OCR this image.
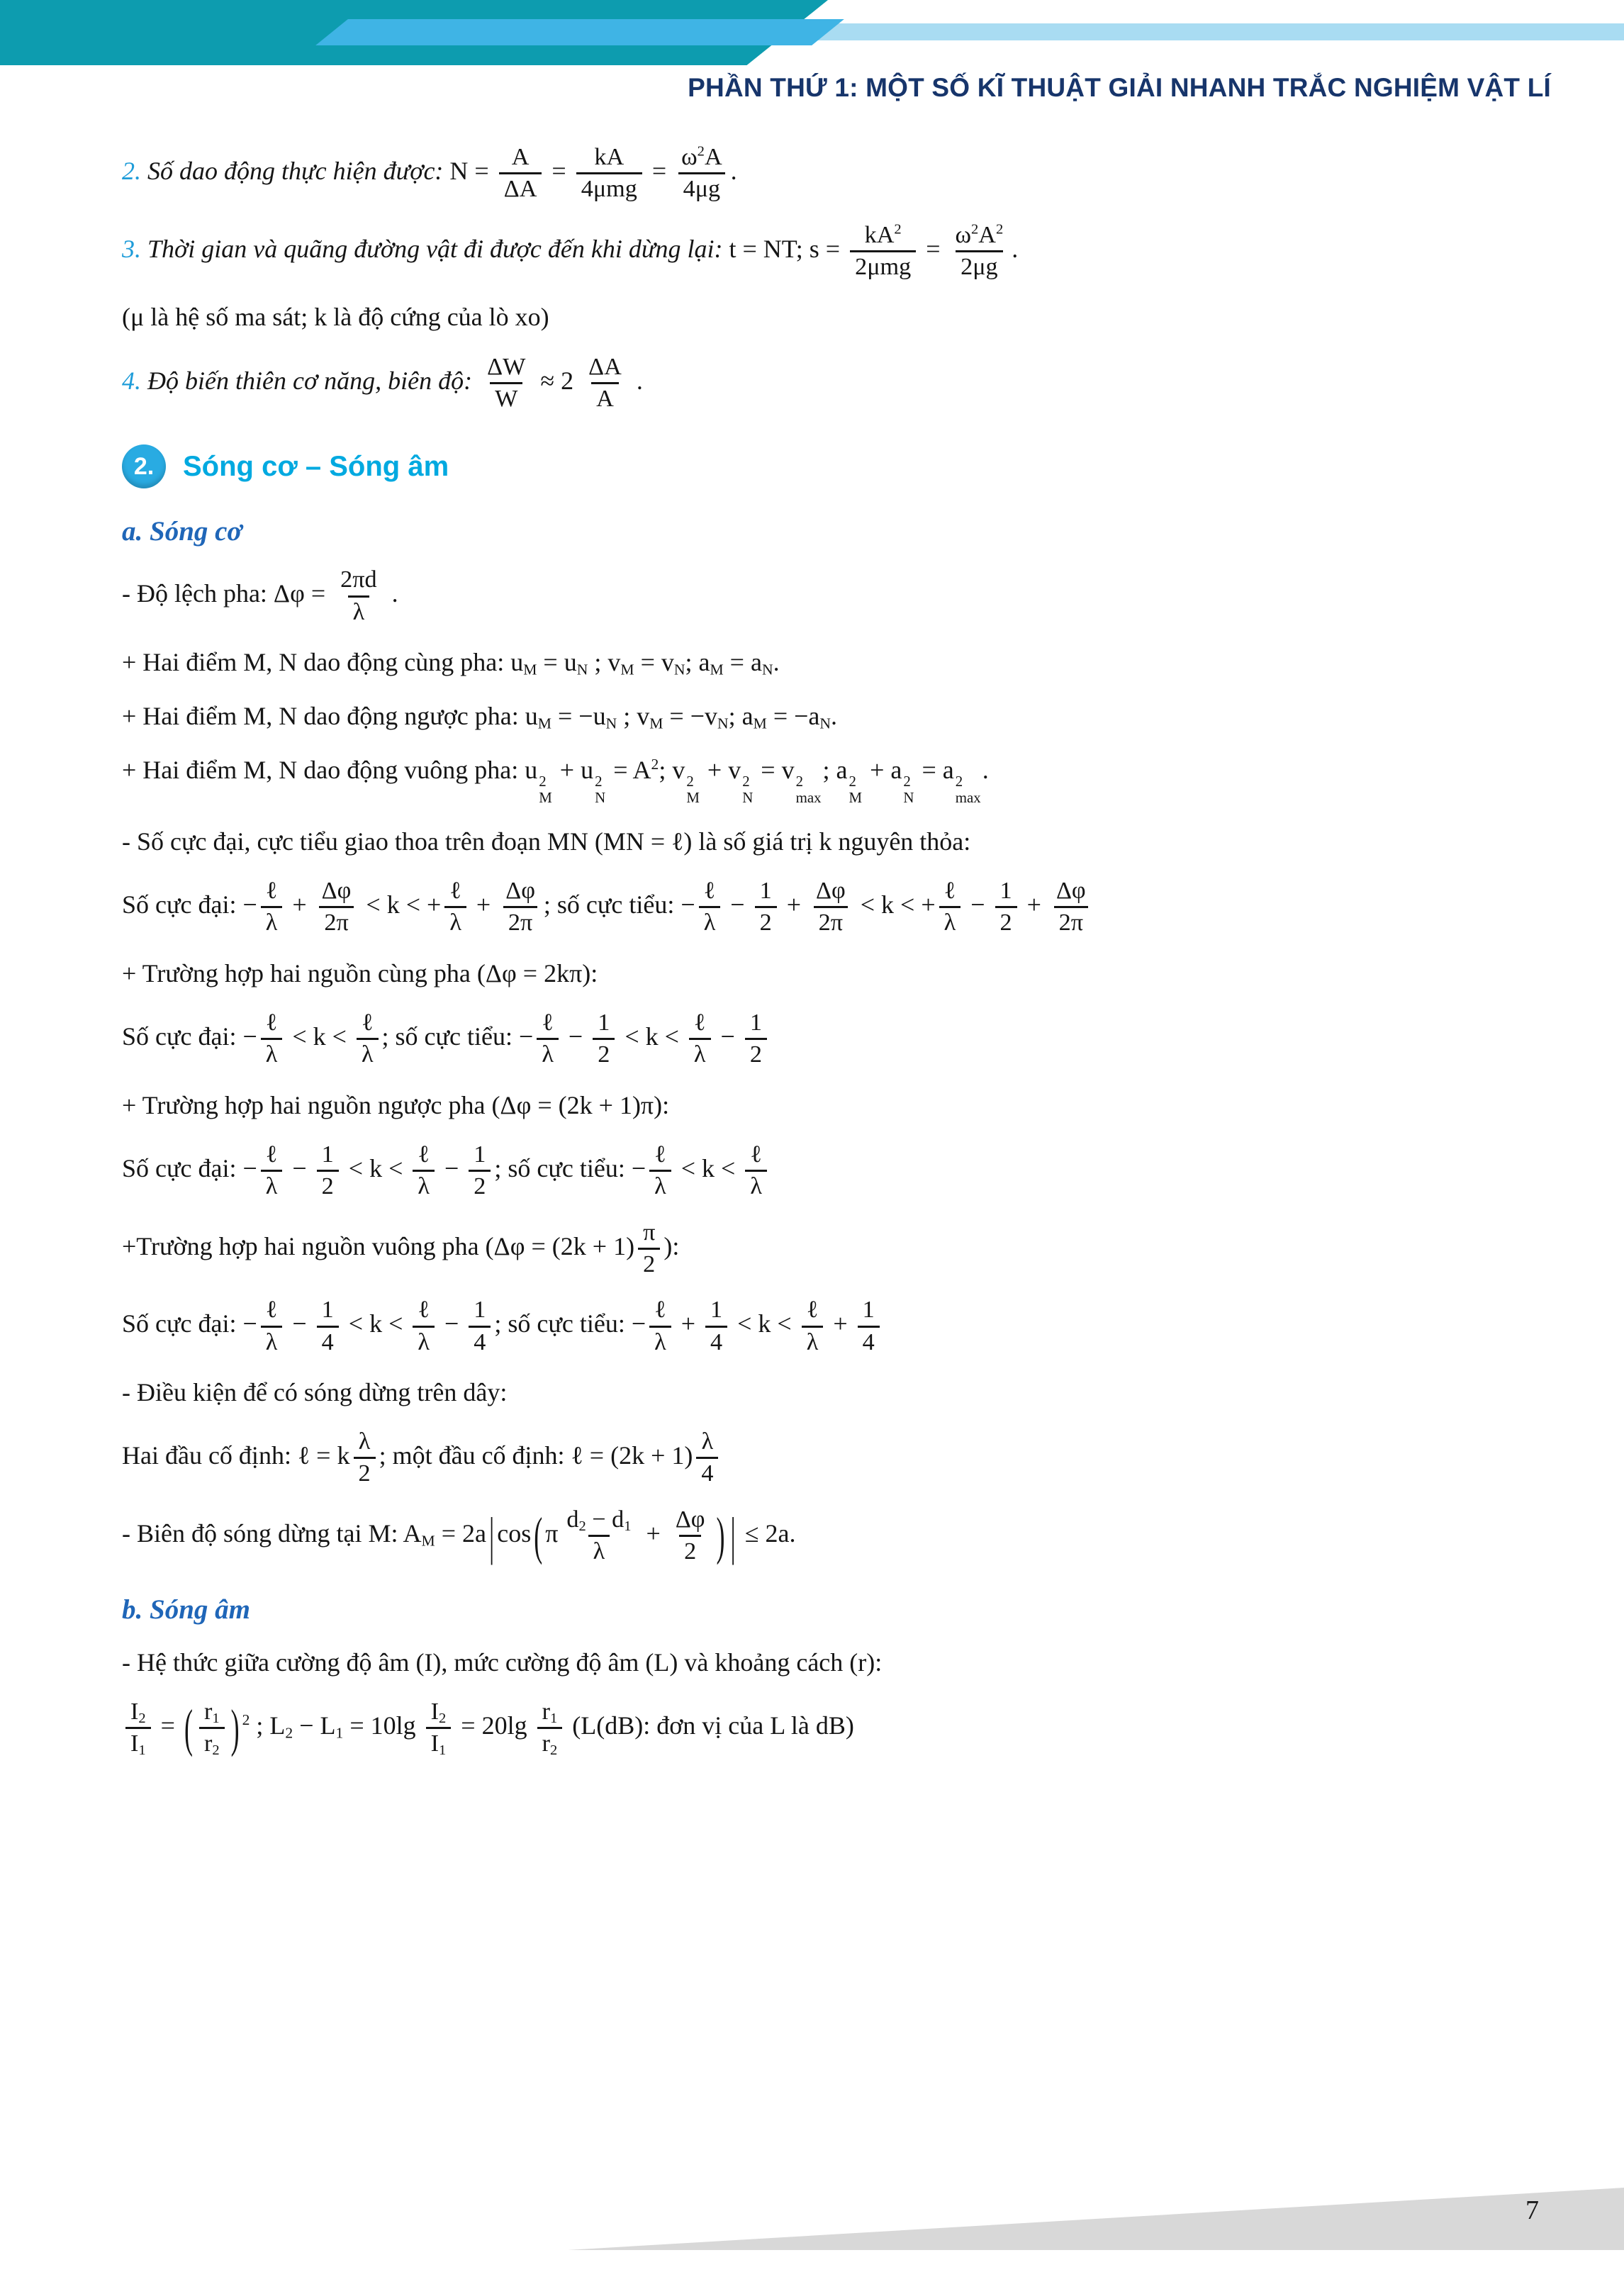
PHẦN THỨ 1: MỘT SỐ KĨ THUẬT GIẢI NHANH TRẮC NGHIỆM VẬT LÍ
2. Số dao động thực hiện được: $N = \frac{A}{\Delta A} = \frac{kA}{\text{4μmg}} = \frac{\omega^2A}{4\mu g}$ .
3. Thời gian và quãng đường vật đi được đến khi dừng lại: t = NT; $s = \frac{kA^2}{\text{2μmg}} = \frac{\omega^2A^2}{2\mu g}$ .
(μ là hệ số ma sát; k là độ cứng của lò xo)
4. Độ biến thiên cơ năng, biên độ: $\frac{\Delta W}{W} \approx 2 \frac{\Delta A}{A}$ .
2.	Sóng cơ – Sóng âm
a. Sóng cơ
- Độ lệch pha: $\Delta\varphi = \frac{2\pi d}{\lambda}$ .
+ Hai điểm M, N dao động cùng pha: $u_M = u_N$ ; $v_M = v_N$; $a_M = a_N$.
+ Hai điểm M, N dao động ngược pha: $u_M = -u_N$ ; $v_M = -v_N$; $a_M = -a_N$.
+ Hai điểm M, N dao động vuông pha: u 2
M
+ u 2
N
= $A^2$; v 2
M
+ v 2
N
= v 2
max
; a 2
M
+ a 2
N
= a 2
max
.
- Số cực đại, cực tiểu giao thoa trên đoạn MN (MN = ℓ) là số giá trị k nguyên thỏa:
Số cực đại: − $\frac{\text{ℓ}}{\lambda} + \frac{\Delta\varphi}{2\pi} < k$ < + $\frac{\text{ℓ}}{\lambda} + \frac{\Delta\varphi}{2\pi}$ ; số cực tiểu: − $\frac{\text{ℓ}}{\lambda} - \frac{1}{2} + \frac{\Delta\varphi}{2\pi} < k$ < + $\frac{\text{ℓ}}{\lambda} - \frac{1}{2} + \frac{\Delta\varphi}{2\pi}$
+ Trường hợp hai nguồn cùng pha (Δφ = 2kπ):
Số cực đại: − $\frac{\text{ℓ}}{\lambda} < k < \frac{\text{ℓ}}{\lambda}$ ; số cực tiểu: − $\frac{\text{ℓ}}{\lambda} - \frac{1}{2} < k < \frac{\text{ℓ}}{\lambda} - \frac{1}{2}$
+ Trường hợp hai nguồn ngược pha (Δφ = (2k + 1)π):
Số cực đại: − $\frac{\text{ℓ}}{\lambda} - \frac{1}{2} < k < \frac{\text{ℓ}}{\lambda} - \frac{1}{2}$ ; số cực tiểu: − $\frac{\text{ℓ}}{\lambda} < k < \frac{\text{ℓ}}{\lambda}$
+Trường hợp hai nguồn vuông pha ($\Delta\varphi = (2k + 1) \frac{\pi}{2}$ ):
Số cực đại: − $\frac{\text{ℓ}}{\lambda} - \frac{1}{4} < k < \frac{\text{ℓ}}{\lambda} - \frac{1}{4}$ ; số cực tiểu: − $\frac{\text{ℓ}}{\lambda} + \frac{1}{4} < k < \frac{\text{ℓ}}{\lambda} + \frac{1}{4}$
- Điều kiện để có sóng dừng trên dây:
Hai đầu cố định: ℓ = k $\frac{\lambda}{2}$ ; một đầu cố định: ℓ = $(2k + 1) \frac{\lambda}{4}$
- Biên độ sóng dừng tại M: $A_M = 2a$ | cos ( π $\frac{d_2 - d_1}{\lambda} + \frac{\Delta\varphi}{2}$ ) | ≤ 2a.
b. Sóng âm
- Hệ thức giữa cường độ âm (I), mức cường độ âm (L) và khoảng cách (r):
$\frac{I_2}{I_1}$ = ( $\frac{r_1}{r_2}$ ) $^2$ ; $L_2 - L_1 = 10\lg \frac{I_2}{I_1} = 20\lg \frac{r_1}{r_2} (L(dB)$: đơn vị của L là dB)
7
